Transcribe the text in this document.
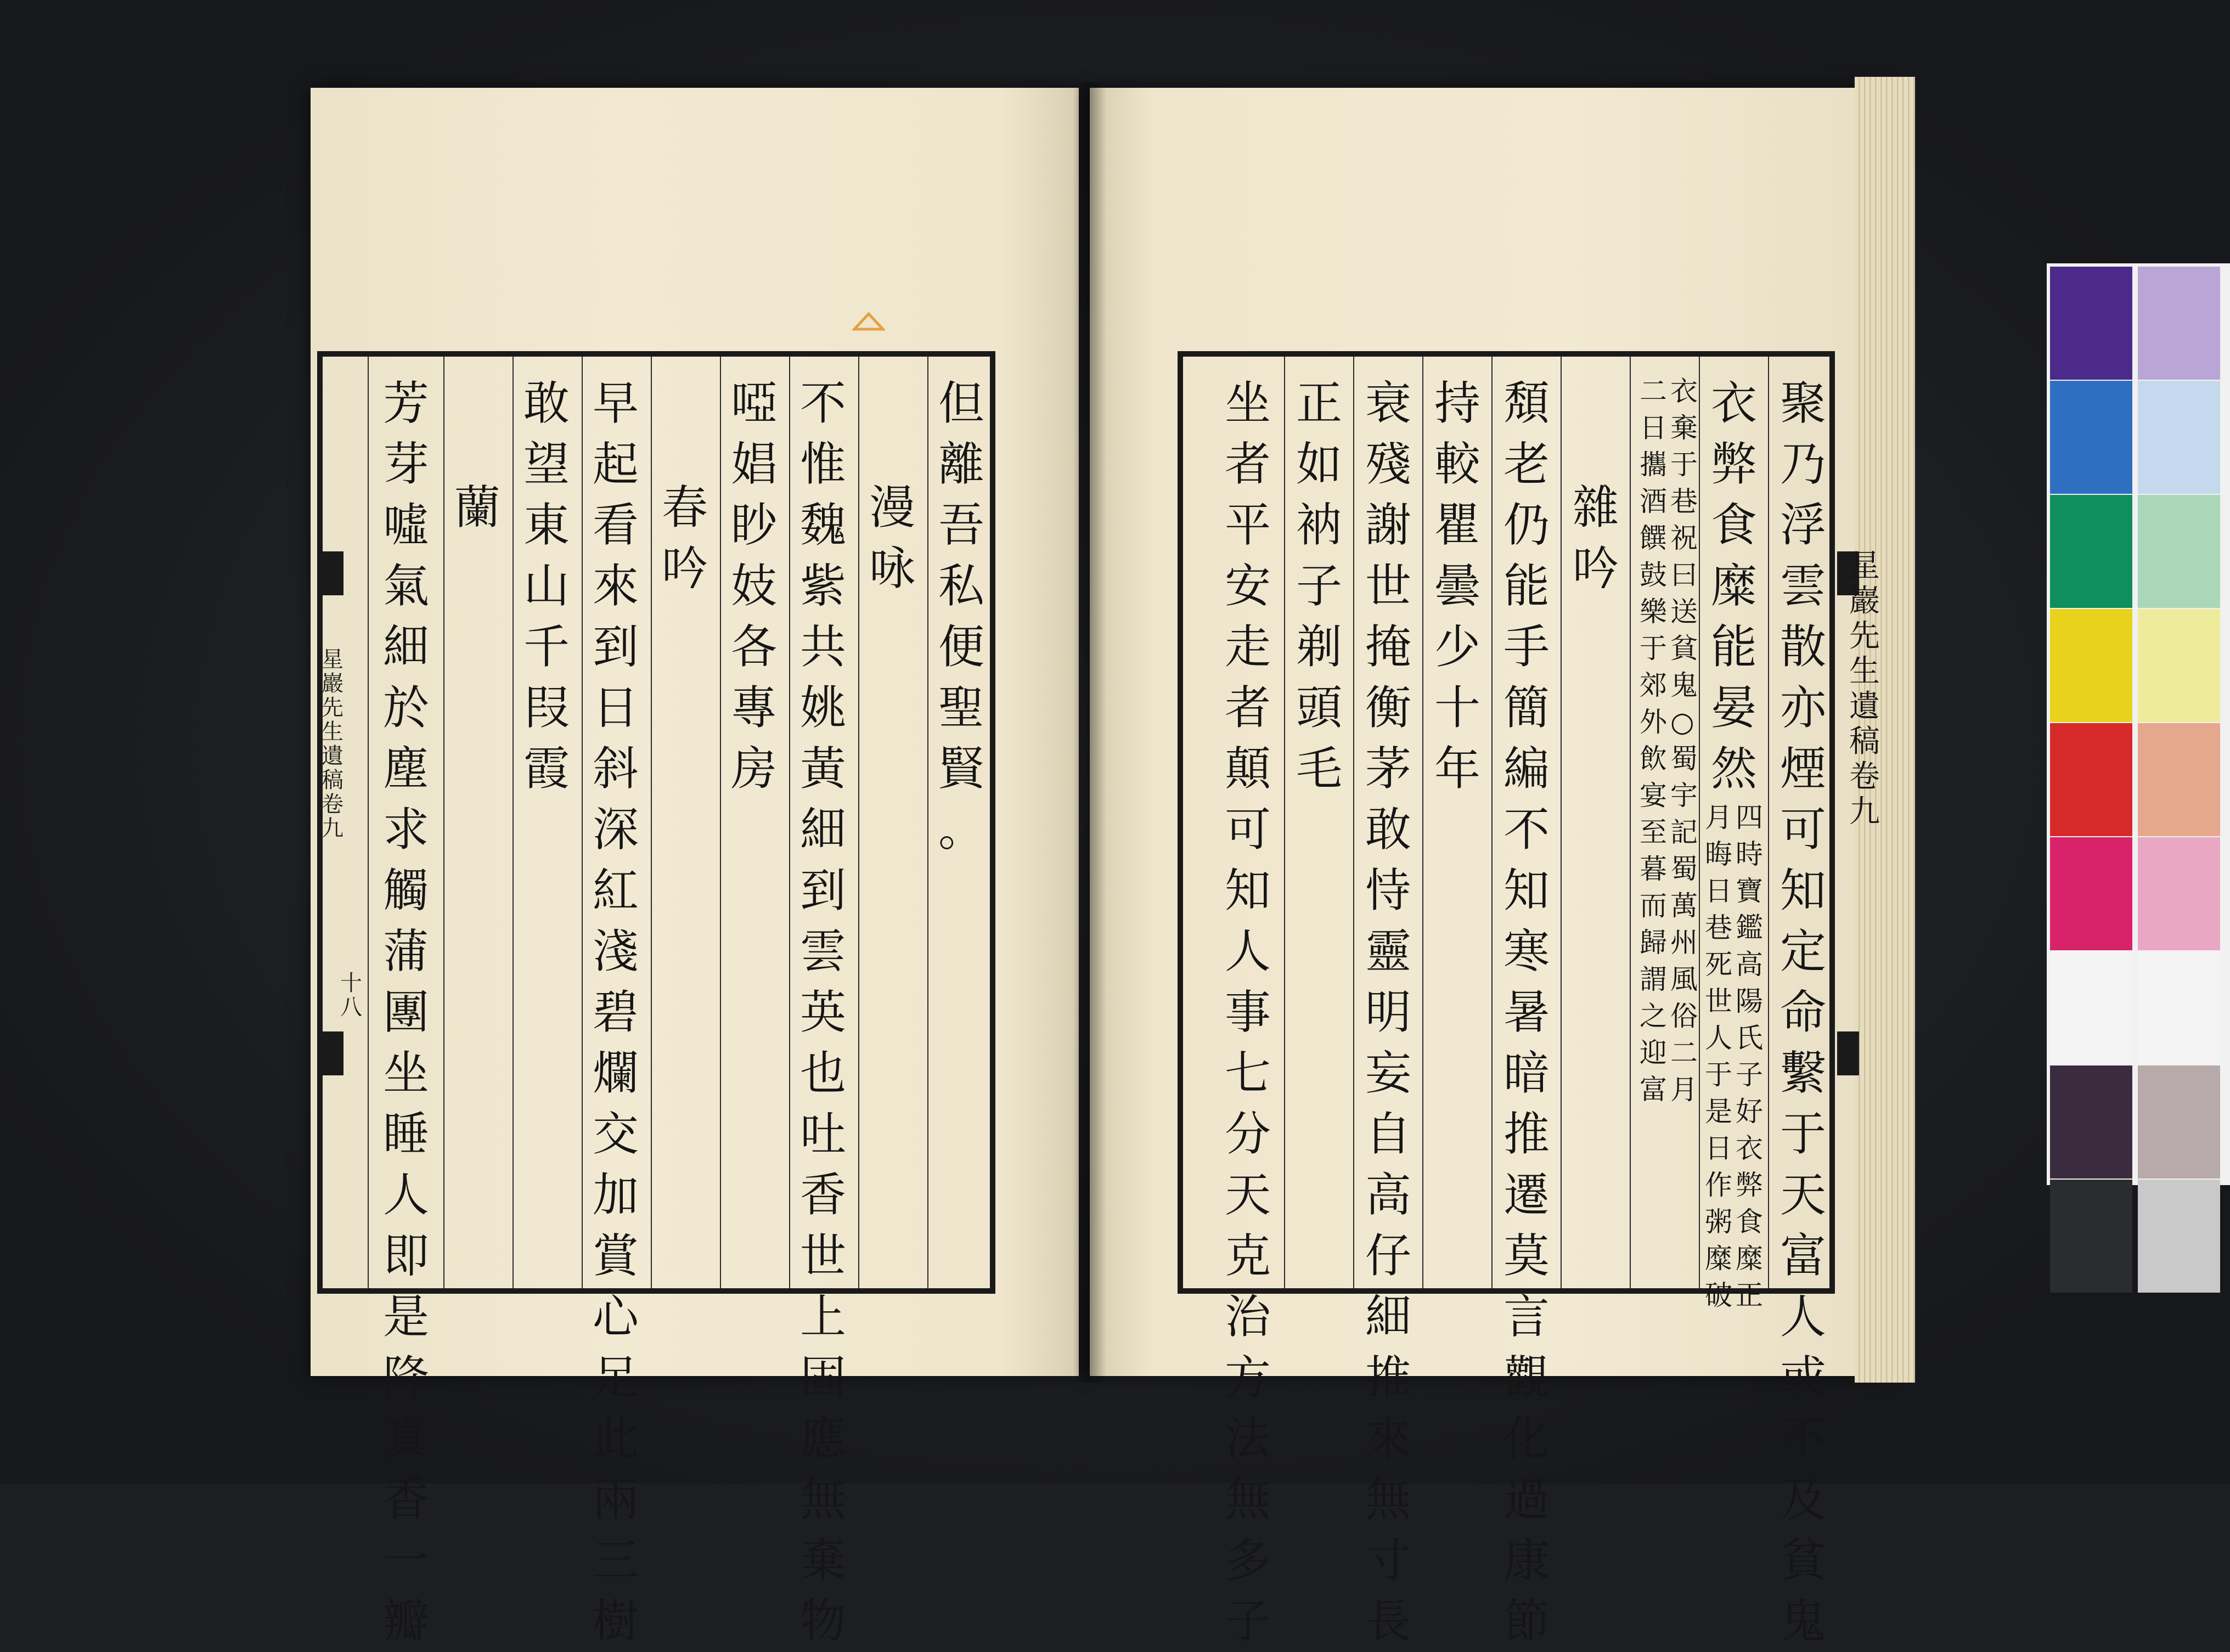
但
離
吾
私
便
聖
賢
。
漫
咏
不
惟
魏
紫
共
姚
黃
細
到
雲
英
也
吐
香
世
上
固
應
無
棄
物
啞
娼
眇
妓
各
專
房
春
吟
早
起
看
來
到
日
斜
深
紅
淺
碧
爛
交
加
賞
心
足
此
兩
三
樹
敢
望
東
山
千
叚
霞
蘭
芳
芽
噓
氣
細
於
塵
求
觸
蒲
團
坐
睡
人
即
是
降
真
香
一
瓣
星
巖
先
生
遺
稿
卷
九
十
八
聚
乃
浮
雲
散
亦
煙
可
知
定
命
繫
于
天
富
人
或
不
及
貧
鬼
衣
弊
食
糜
能
晏
然
四
時
寶
鑑
高
陽
氏
子
好
衣
弊
食
糜
正
月
晦
日
巷
死
世
人
于
是
日
作
粥
糜
破
衣
棄
于
巷
祝
曰
送
貧
鬼
○
蜀
宇
記
蜀
萬
州
風
俗
二
月
二
日
攜
酒
饌
鼓
樂
于
郊
外
飲
宴
至
暮
而
歸
謂
之
迎
富
雜
吟
頽
老
仍
能
手
簡
編
不
知
寒
暑
暗
推
遷
莫
言
觀
化
過
康
節
持
較
瞿
曇
少
十
年
衰
殘
謝
世
掩
衡
茅
敢
恃
靈
明
妄
自
高
仔
細
推
來
無
寸
長
正
如
衲
子
剃
頭
毛
坐
者
平
安
走
者
顛
可
知
人
事
七
分
天
克
治
方
法
無
多
子
星
巖
先
生
遺
稿
卷
九
